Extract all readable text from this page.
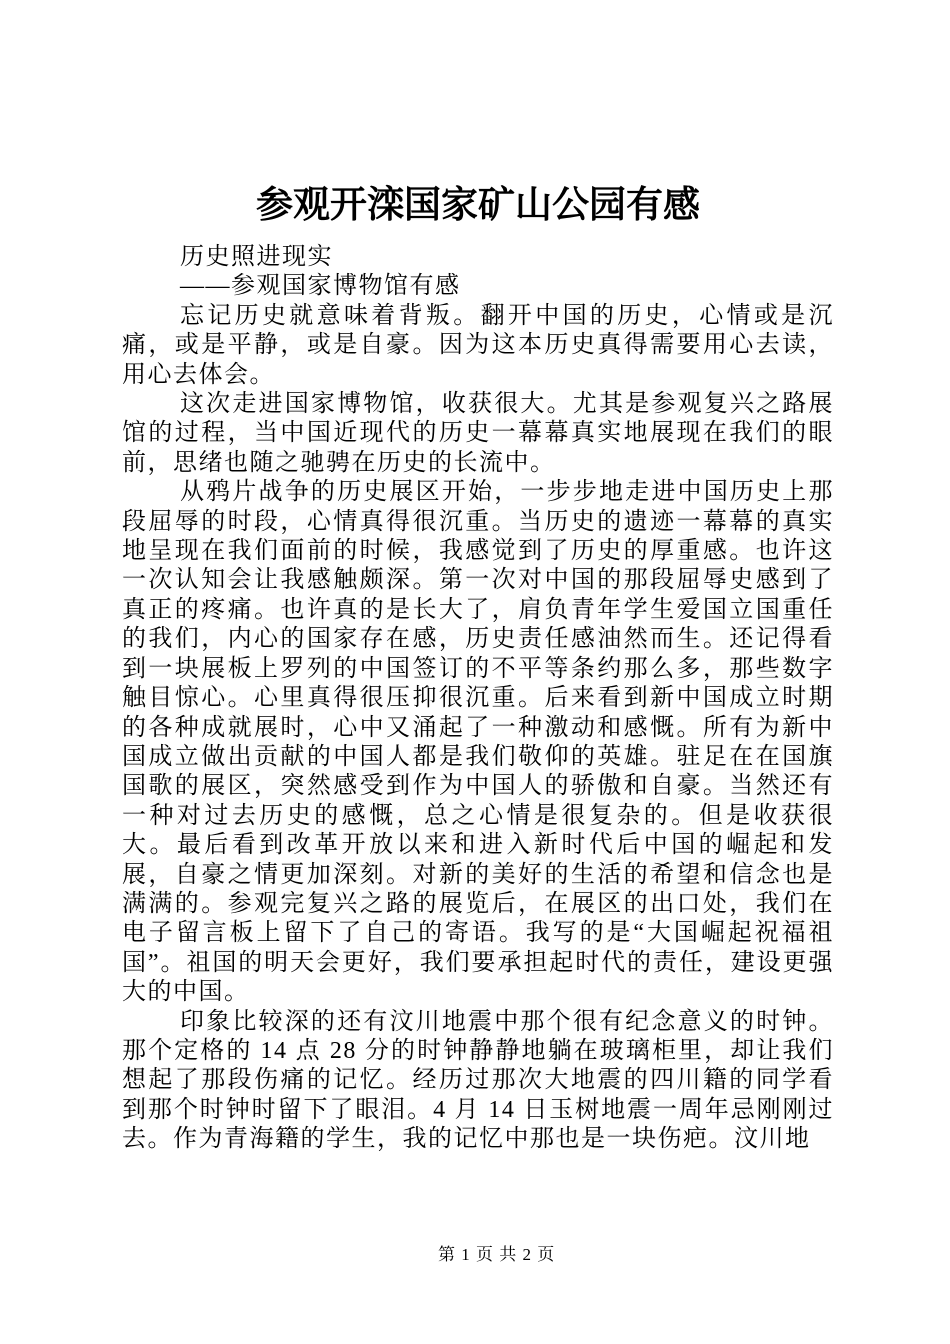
参观开滦国家矿山公园有感

历史照进现实

——参观国家博物馆有感

忘记历史就意味着背叛。翻开中国的历史，心情或是沉痛，或是平静，或是自豪。因为这本历史真得需要用心去读，用心去体会。

这次走进国家博物馆，收获很大。尤其是参观复兴之路展馆的过程，当中国近现代的历史一幕幕真实地展现在我们的眼前，思绪也随之驰骋在历史的长流中。

从鸦片战争的历史展区开始，一步步地走进中国历史上那段屈辱的时段，心情真得很沉重。当历史的遗迹一幕幕的真实地呈现在我们面前的时候，我感觉到了历史的厚重感。也许这一次认知会让我感触颇深。第一次对中国的那段屈辱史感到了真正的疼痛。也许真的是长大了，肩负青年学生爱国立国重任的我们，内心的国家存在感，历史责任感油然而生。还记得看到一块展板上罗列的中国签订的不平等条约那么多，那些数字触目惊心。心里真得很压抑很沉重。后来看到新中国成立时期的各种成就展时，心中又涌起了一种激动和感慨。所有为新中国成立做出贡献的中国人都是我们敬仰的英雄。驻足在在国旗国歌的展区，突然感受到作为中国人的骄傲和自豪。当然还有一种对过去历史的感慨，总之心情是很复杂的。但是收获很大。最后看到改革开放以来和进入新时代后中国的崛起和发展，自豪之情更加深刻。对新的美好的生活的希望和信念也是满满的。参观完复兴之路的展览后，在展区的出口处，我们在电子留言板上留下了自己的寄语。我写的是“大国崛起祝福祖国”。祖国的明天会更好，我们要承担起时代的责任，建设更强大的中国。

印象比较深的还有汶川地震中那个很有纪念意义的时钟。那个定格的 14 点 28 分的时钟静静地躺在玻璃柜里，却让我们想起了那段伤痛的记忆。经历过那次大地震的四川籍的同学看到那个时钟时留下了眼泪。4 月 14 日玉树地震一周年忌刚刚过去。作为青海籍的学生，我的记忆中那也是一块伤疤。汶川地

第 1 页 共 2 页
